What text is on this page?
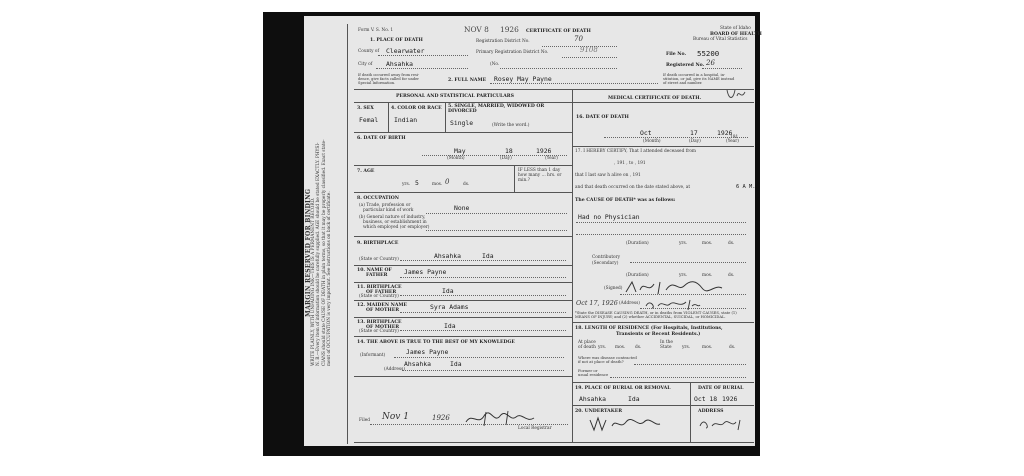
MARGIN RESERVED FOR BINDING WRITE PLAINLY, WITH UNFADING INK—THIS IS A PERMANENT RECORD. N. B.—Every item of information should be carefully supplied. AGE should be stated EXACTLY. PHYSI- CIANS should state CAUSE OF DEATH in plain terms, so that it may be properly classified. Exact state- ment of OCCUPATION is very important. See instructions on back of certificate.
Form V. S. No. 1	NOV 8 1926 CERTIFICATE OF DEATH
State of Idaho
BOARD OF HEALTH
Bureau of Vital Statistics
1. PLACE OF DEATH
County of Clearwater
City of Ahsahka
Registration District No.	70
Primary Registration District No.	9108
(No.
File No. 55200
Registered No. 26
If death occurred away from resi-
dence, give facts called for under
Special Information.
If death occurred in a hospital, in-
stitution, or jail, give its NAME instead
of street and number.
2. FULL NAME Rosey May Payne
PERSONAL AND STATISTICAL PARTICULARS
3. SEX
Femal
4. COLOR OR RACE
Indian
5. SINGLE, MARRIED, WIDOWED OR DIVORCED
Single	(Write the word.)
6. DATE OF BIRTH
May	18	1926
(Month)	(Day)	(Year)
7. AGE
yrs. 5	mos. 0	ds.
IF LESS than 1 day
how many ... hrs. or
min.?
8. OCCUPATION
(a) Trade, profession or
particular kind of work
(b) General nature of industry,
business, or establishment in
which employed (or employer)
None
9. BIRTHPLACE
Ahsahka	Ida
(State or Country)
10. NAME OF
FATHER	James Payne
11. BIRTHPLACE
OF FATHER
(State or Country)
Ida
12. MAIDEN NAME
OF MOTHER	Syra Adams
13. BIRTHPLACE
OF MOTHER
(State or Country)
Ida
14. THE ABOVE IS TRUE TO THE BEST OF MY KNOWLEDGE
(Informant)	James Payne
(Address)
Ahsahka	Ida
Filed Nov 1	1926
Local Registrar
MEDICAL CERTIFICATE OF DEATH.
16. DATE OF DEATH
Oct	17	1926
191
(Month)	(Day)	(Year)
17. I HEREBY CERTIFY, That I attended deceased from
, 191 , to , 191
that I last saw h alive on , 191
and that death occurred on the date stated above, at	6 A M.
The CAUSE OF DEATH* was as follows:
Had no Physician
(Duration)	yrs.	mos.	ds.
Contributory
(Secondary)
(Duration)	yrs.	mos.	ds.
(Signed)
Oct 17, 1926 (Address)
*State the DISEASE CAUSING DEATH, or in deaths from VIOLENT CAUSES, state (1)
MEANS OF INJURY; and (2) whether ACCIDENTAL, SUICIDAL, or HOMICIDAL.
18. LENGTH OF RESIDENCE (For Hospitals, Institutions,
Transients or Recent Residents.)
At place
of death yrs. mos. ds.
In the
State yrs.	mos.	ds.
Where was disease contracted
if not at place of death?
Former or
usual residence
19. PLACE OF BURIAL OR REMOVAL	DATE OF BURIAL
Ahsahka	Ida	Oct 18 1926
20. UNDERTAKER	ADDRESS
